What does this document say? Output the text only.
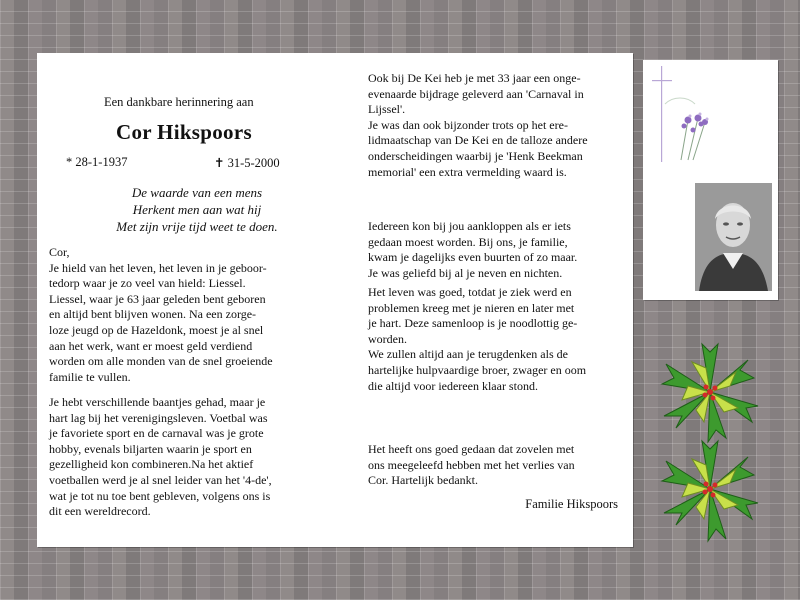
Een dankbare herinnering aan
Cor Hikspoors
* 28-1-1937	✝ 31-5-2000
De waarde van een mens
Herkent men aan wat hij
Met zijn vrije tijd weet te doen.
Cor,
Je hield van het leven, het leven in je geboor-
tedorp waar je zo veel van hield: Liessel.
Liessel, waar je 63 jaar geleden bent geboren
en altijd bent blijven wonen. Na een zorge-
loze jeugd op de Hazeldonk, moest je al snel
aan het werk, want er moest geld verdiend
worden om alle monden van de snel groeiende
familie te vullen.
Je hebt verschillende baantjes gehad, maar je
hart lag bij het verenigingsleven. Voetbal was
je favoriete sport en de carnaval was je grote
hobby, evenals biljarten waarin je sport en
gezelligheid kon combineren.Na het aktief
voetballen werd je al snel leider van het '4-de',
wat je tot nu toe bent gebleven, volgens ons is
dit een wereldrecord.
Ook bij De Kei heb je met 33 jaar een onge-
evenaarde bijdrage geleverd aan 'Carnaval in
Lijssel'.
Je was dan ook bijzonder trots op het ere-
lidmaatschap van De Kei en de talloze andere
onderscheidingen waarbij je 'Henk Beekman
memorial' een extra vermelding waard is.
Iedereen kon bij jou aankloppen als er iets
gedaan moest worden. Bij ons, je familie,
kwam je dagelijks even buurten of zo maar.
Je was geliefd bij al je neven en nichten.
Het leven was goed, totdat je ziek werd en
problemen kreeg met je nieren en later met
je hart. Deze samenloop is je noodlottig ge-
worden.
We zullen altijd aan je terugdenken als de
hartelijke hulpvaardige broer, zwager en oom
die altijd voor iedereen klaar stond.
Het heeft ons goed gedaan dat zovelen met
ons meegeleefd hebben met het verlies van
Cor. Hartelijk bedankt.
Familie Hikspoors
